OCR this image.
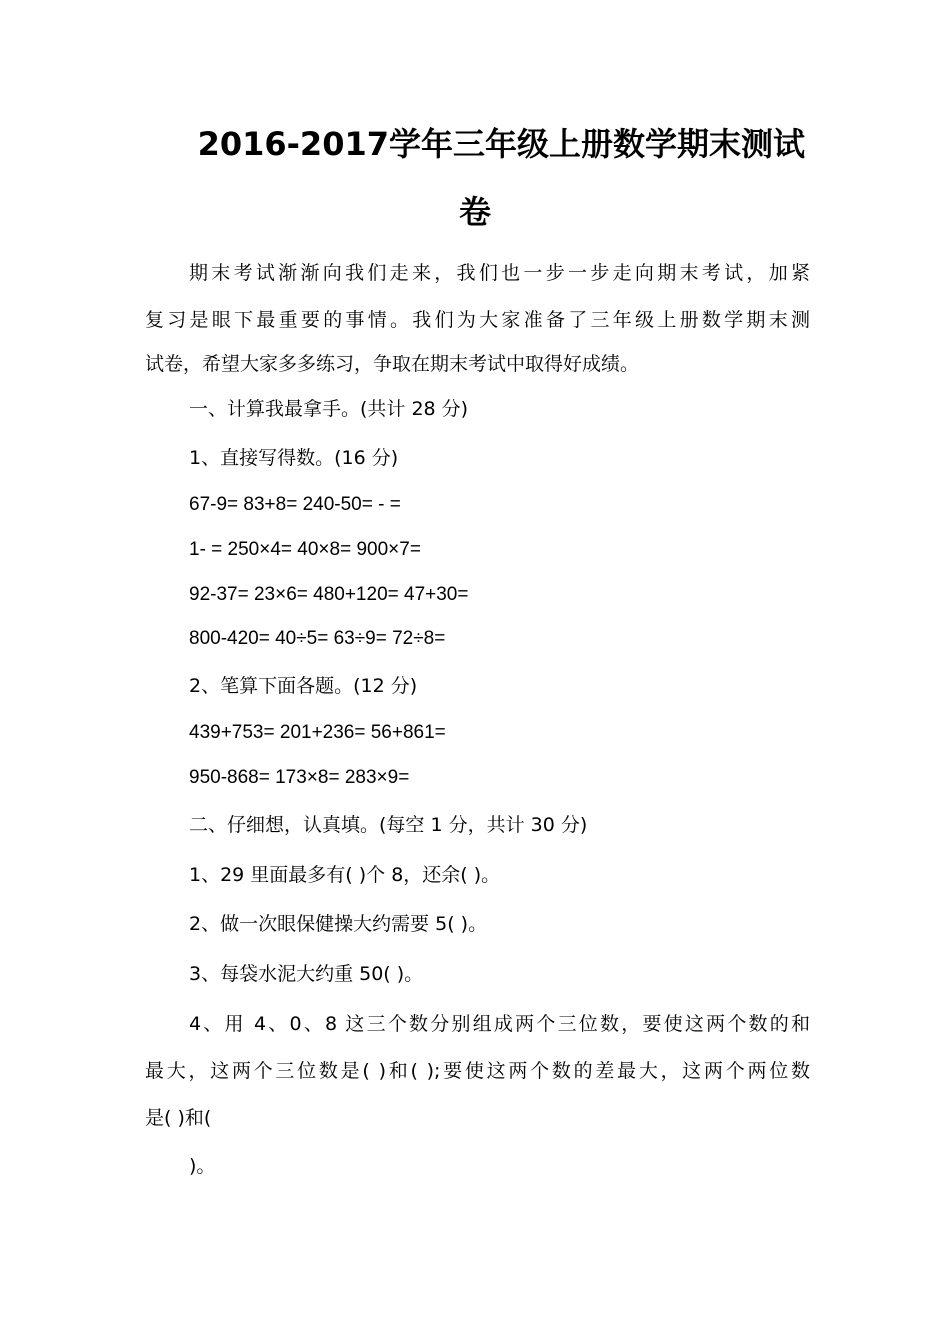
2016-2017学年三年级上册数学期末测试
卷

期末考试渐渐向我们走来，我们也一步一步走向期末考试，加紧

复习是眼下最重要的事情。我们为大家准备了三年级上册数学期末测

试卷，希望大家多多练习，争取在期末考试中取得好成绩。

一、计算我最拿手。(共计 28 分)

1、直接写得数。(16 分)

67-9= 83+8= 240-50= - =

1- = 250×4= 40×8= 900×7=

92-37= 23×6= 480+120= 47+30=

800-420= 40÷5= 63÷9= 72÷8=

2、笔算下面各题。(12 分)

439+753= 201+236= 56+861=

950-868= 173×8= 283×9=

二、仔细想，认真填。(每空 1 分，共计 30 分)

1、29 里面最多有( )个 8，还余( )。

2、做一次眼保健操大约需要 5( )。

3、每袋水泥大约重 50( )。

4、用 4、0、8 这三个数分别组成两个三位数，要使这两个数的和

最大，这两个三位数是( )和( );要使这两个数的差最大，这两个两位数

是( )和(

)。
